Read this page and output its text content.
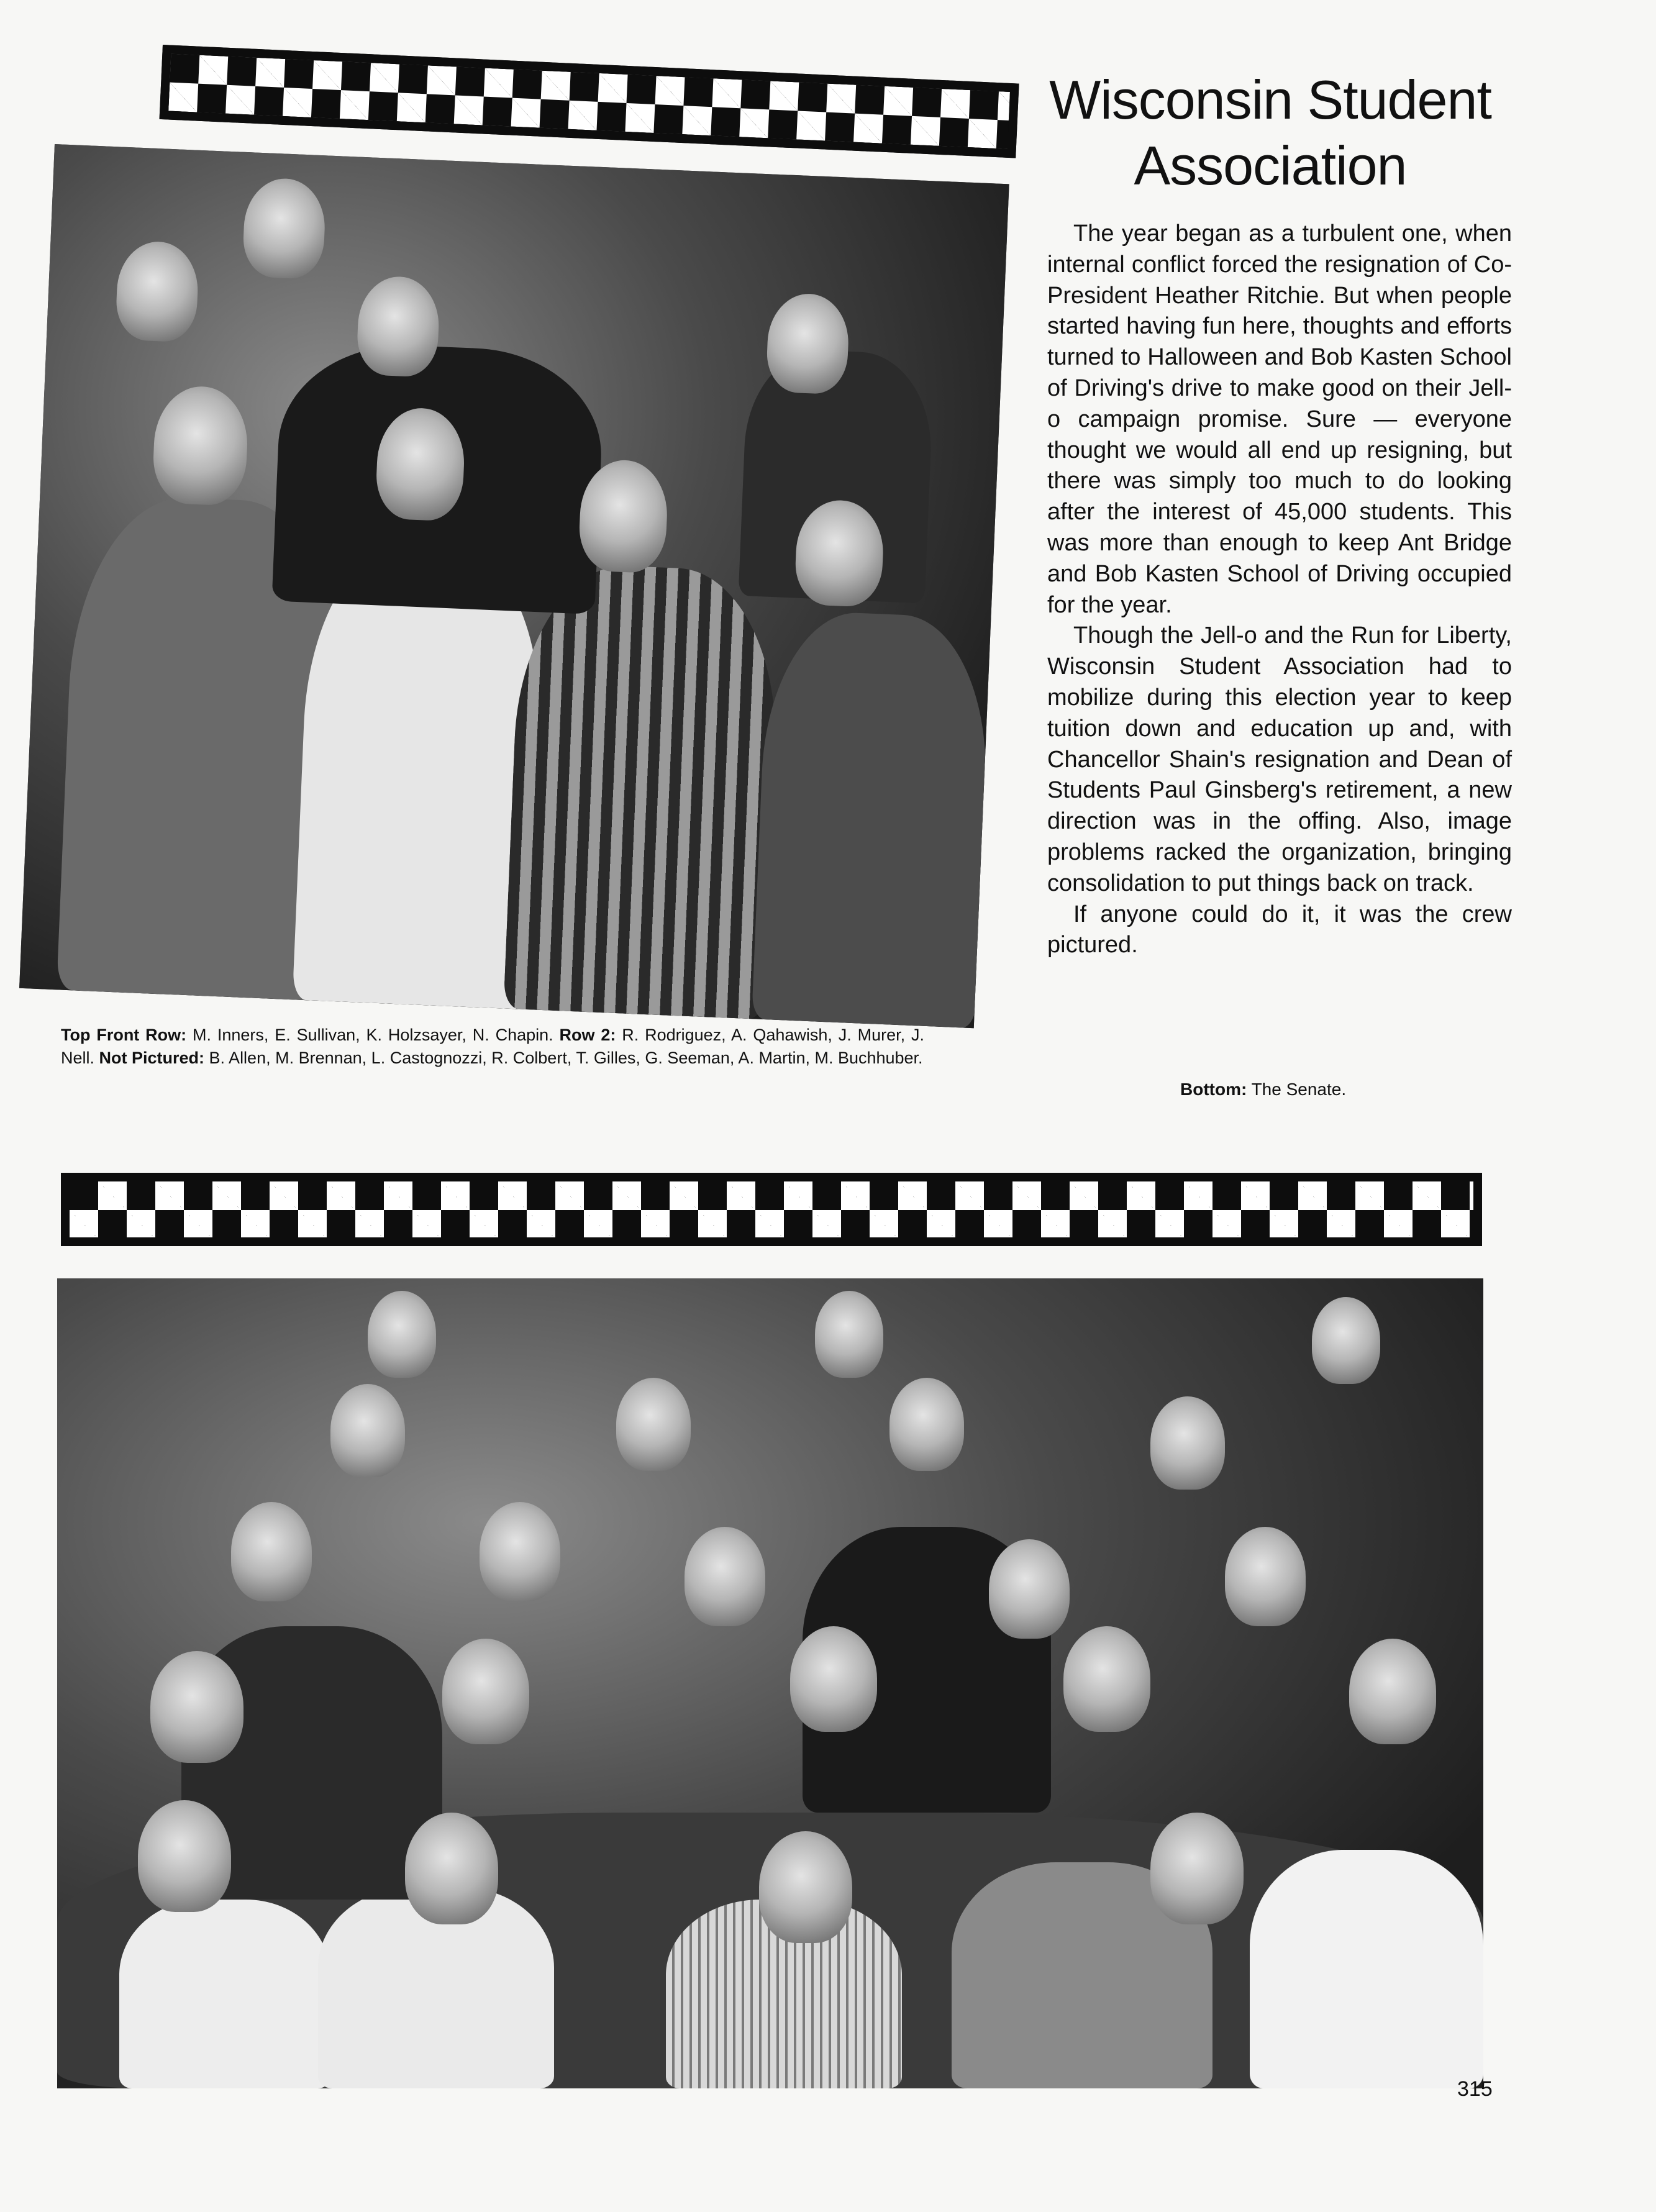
Wisconsin Student
Association

The year began as a turbulent one, when internal conflict forced the resignation of Co-President Heather Ritchie. But when people started having fun here, thoughts and efforts turned to Halloween and Bob Kasten School of Driving's drive to make good on their Jell-o campaign promise. Sure — everyone thought we would all end up resigning, but there was simply too much to do looking after the interest of 45,000 students. This was more than enough to keep Ant Bridge and Bob Kasten School of Driving occupied for the year.

Though the Jell-o and the Run for Liberty, Wisconsin Student Association had to mobilize during this election year to keep tuition down and education up and, with Chancellor Shain's resignation and Dean of Students Paul Ginsberg's retirement, a new direction was in the offing. Also, image problems racked the organization, bringing consolidation to put things back on track.

If anyone could do it, it was the crew pictured.

Top Front Row: M. Inners, E. Sullivan, K. Holzsayer, N. Chapin. Row 2: R. Rodriguez, A. Qahawish, J. Murer, J. Nell. Not Pictured: B. Allen, M. Brennan, L. Castognozzi, R. Colbert, T. Gilles, G. Seeman, A. Martin, M. Buchhuber.
Bottom: The Senate.
315
